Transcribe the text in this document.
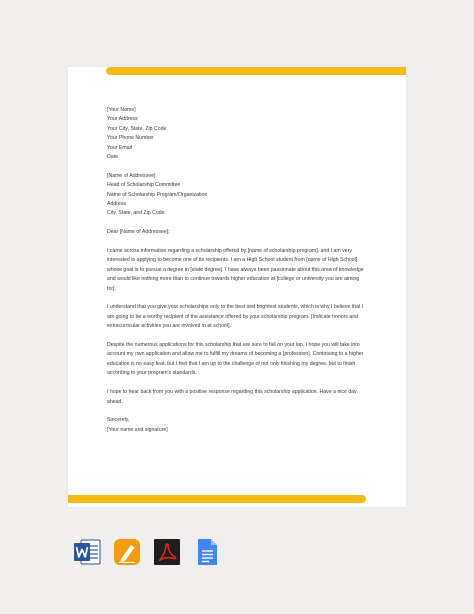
[Your Name]

Your Address

Your City, State, Zip Code

Your Phone Number

Your Email

Date

[Name of Addressee]

Head of Scholarship Committee

Name of Scholarship Program/Organization

Address

City, State, and Zip Code

Dear [Name of Addressee];

I came across information regarding a scholarship offered by [name of scholarship program], and I am very interested in applying to become one of its recipients. I am a High School student from [name of High School] whose goal is to pursue a degree in [state degree]. I have always been passionate about this area of knowledge and would like nothing more than to continue towards higher education at [college or university you are aiming for].

I understand that you give your scholarships only to the best and brightest students, which is why I believe that I am going to be a worthy recipient of the assistance offered by your scholarship program. [Indicate honors and extracurricular activities you are involved in at school].

Despite the numerous applications for this scholarship that are sure to fall on your lap, I hope you will take into account my own application and allow me to fulfill my dreams of becoming a [profession]. Continuing to a higher education is no easy feat, but I feel that I am up to the challenge of not only finishing my degree, but to finish according to your program's standards.

I hope to hear back from you with a positive response regarding this scholarship application. Have a nice day ahead.

Sincerely,

[Your name and signature]
